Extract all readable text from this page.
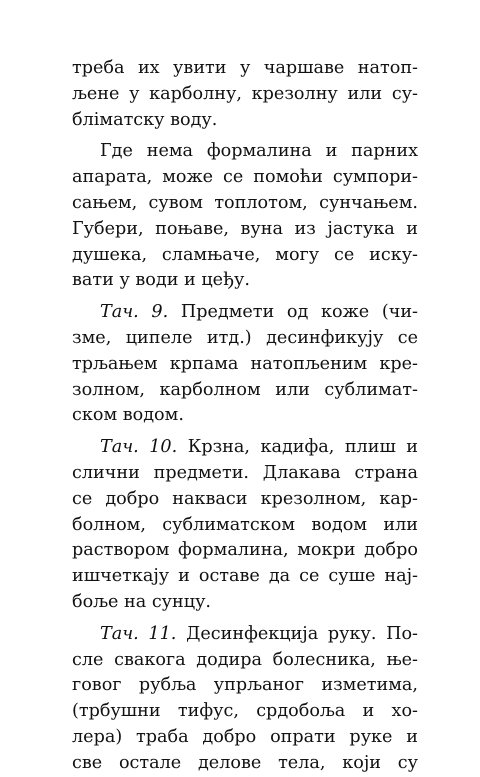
треба их увити у чаршаве натоп-
љене у карболну, крезолну или су-
бліматску воду.
Где нема формалина и парних
апарата, може се помоћи сумпори-
сањем, сувом топлотом, сунчањем.
Губери, поњаве, вуна из јастука и
душека, сламњаче, могу се иску-
вати у води и цеђу.
Тач. 9. Предмети од коже (чи-
зме, ципеле итд.) десинфикују се
трљањем крпама натопљеним кре-
золном, карболном или сублимат-
ском водом.
Тач. 10. Крзна, кадифа, плиш и
слични предмети. Длакава страна
се добро накваси крезолном, кар-
болном, сублиматском водом или
раствором формалина, мокри добро
ишчеткају и оставе да се суше нај-
боље на сунцу.
Тач. 11. Десинфекција руку. По-
сле свакога додира болесника, ње-
говог рубља упрљаног изметима,
(трбушни тифус, срдобоља и хо-
лера) траба добро опрати руке и
све остале делове тела, који су
